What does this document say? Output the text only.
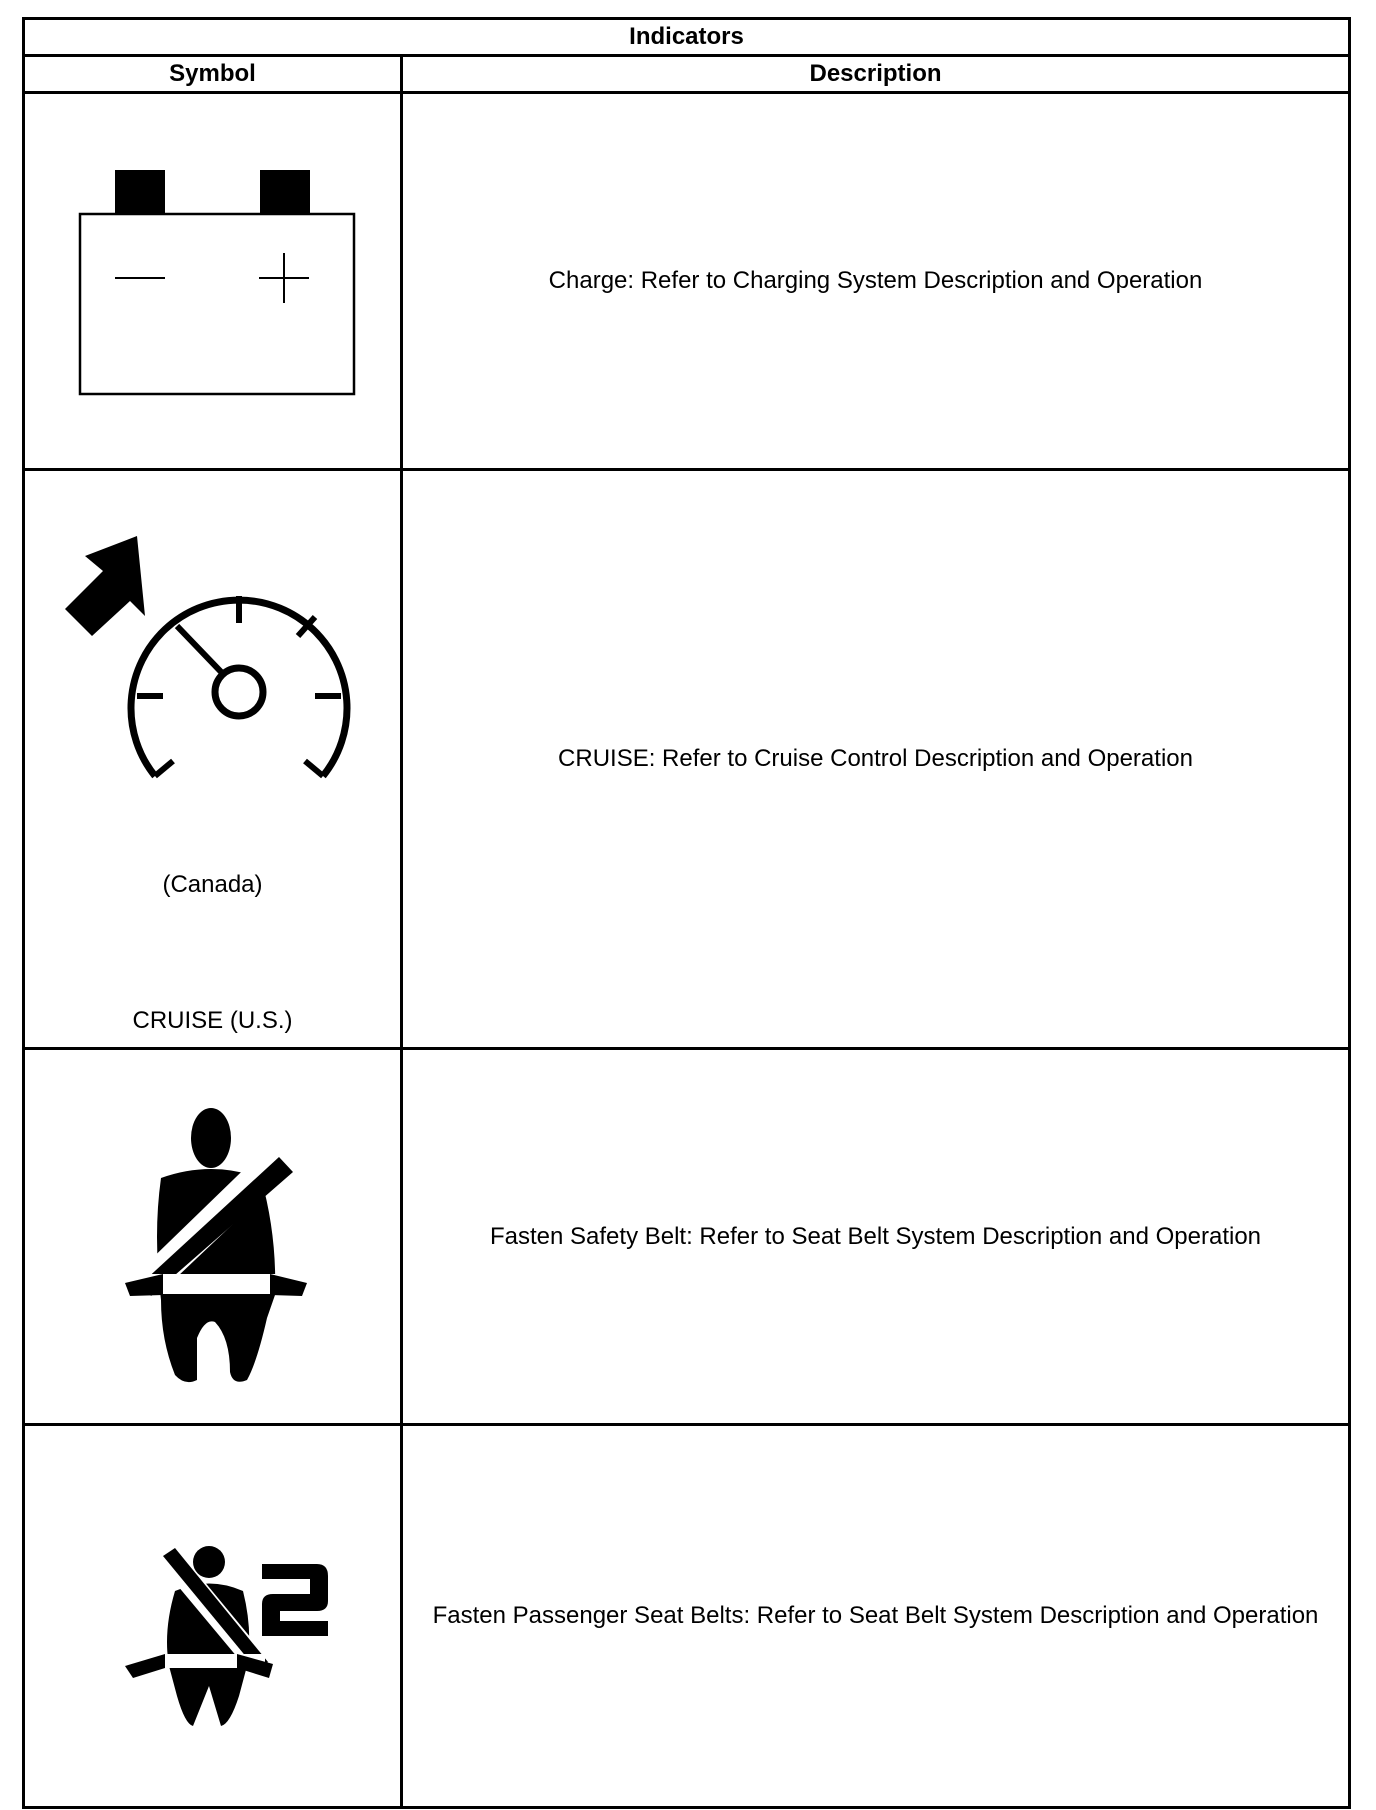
Indicators	
Symbol	Description

	Charge: Refer to Charging System Description and Operation

(Canada)
CRUISE (U.S.)	CRUISE: Refer to Cruise Control Description and Operation

	Fasten Safety Belt: Refer to Seat Belt System Description and Operation

	Fasten Passenger Seat Belts: Refer to Seat Belt System Description and Operation
